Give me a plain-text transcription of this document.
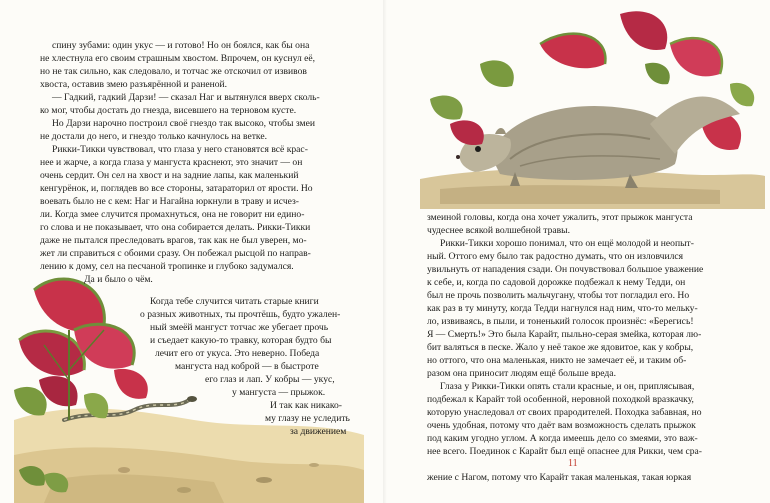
спину зубами: один укус — и готово! Но он боялся, как бы она
не хлестнула его своим страшным хвостом. Впрочем, он куснул её,
но не так сильно, как следовало, и тотчас же отскочил от извивов
хвоста, оставив змею разъярённой и раненой.
— Гадкий, гадкий Дарзи! — сказал Наг и вытянулся вверх сколь-
ко мог, чтобы достать до гнезда, висевшего на терновом кусте.
Но Дарзи нарочно построил своё гнездо так высоко, чтобы змеи
не достали до него, и гнездо только качнулось на ветке.
Рикки-Тикки чувствовал, что глаза у него становятся всё крас-
нее и жарче, а когда глаза у мангуста краснеют, это значит — он
очень сердит. Он сел на хвост и на задние лапы, как маленький
кенгурёнок, и, поглядев во все стороны, затараторил от ярости. Но
воевать было не с кем: Наг и Нагайна юркнули в траву и исчез-
ли. Когда змее случится промахнуться, она не говорит ни едино-
го слова и не показывает, что она собирается делать. Рикки-Тикки
даже не пытался преследовать врагов, так как не был уверен, мо-
жет ли справиться с обоими сразу. Он побежал рысцой по направ-
лению к дому, сел на песчаной тропинке и глубоко задумался.
Да и было о чём.
Когда тебе случится читать старые книги
о разных животных, ты прочтёшь, будто ужален-
ный змеёй мангуст тотчас же убегает прочь
и съедает какую-то травку, которая будто бы
лечит его от укуса. Это неверно. Победа
мангуста над коброй — в быстроте
его глаз и лап. У кобры — укус,
у мангуста — прыжок.
И так как никако-
му глазу не уследить
за движением
змеиной головы, когда она хочет ужалить, этот прыжок мангуста
чудеснее всякой волшебной травы.
Рикки-Тикки хорошо понимал, что он ещё молодой и неопыт-
ный. Оттого ему было так радостно думать, что он изловчился
увильнуть от нападения сзади. Он почувствовал большое уважение
к себе, и, когда по садовой дорожке подбежал к нему Тедди, он
был не прочь позволить мальчугану, чтобы тот погладил его. Но
как раз в ту минуту, когда Тедди нагнулся над ним, что-то мельку-
ло, извиваясь, в пыли, и тоненький голосок произнёс: «Берегись!
Я — Смерть!» Это была Карайт, пыльно-серая змейка, которая лю-
бит валяться в песке. Жало у неё такое же ядовитое, как у кобры,
но оттого, что она маленькая, никто не замечает её, и таким об-
разом она приносит людям ещё больше вреда.
Глаза у Рикки-Тикки опять стали красные, и он, приплясывая,
подбежал к Карайт той особенной, неровной походкой вразкачку,
которую унаследовал от своих прародителей. Походка забавная, но
очень удобная, потому что даёт вам возможность сделать прыжок
под каким угодно углом. А когда имеешь дело со змеями, это важ-
нее всего. Поединок с Карайт был ещё опаснее для Рикки, чем сра-
жение с Нагом, потому что Карайт такая маленькая, такая юркая
11
